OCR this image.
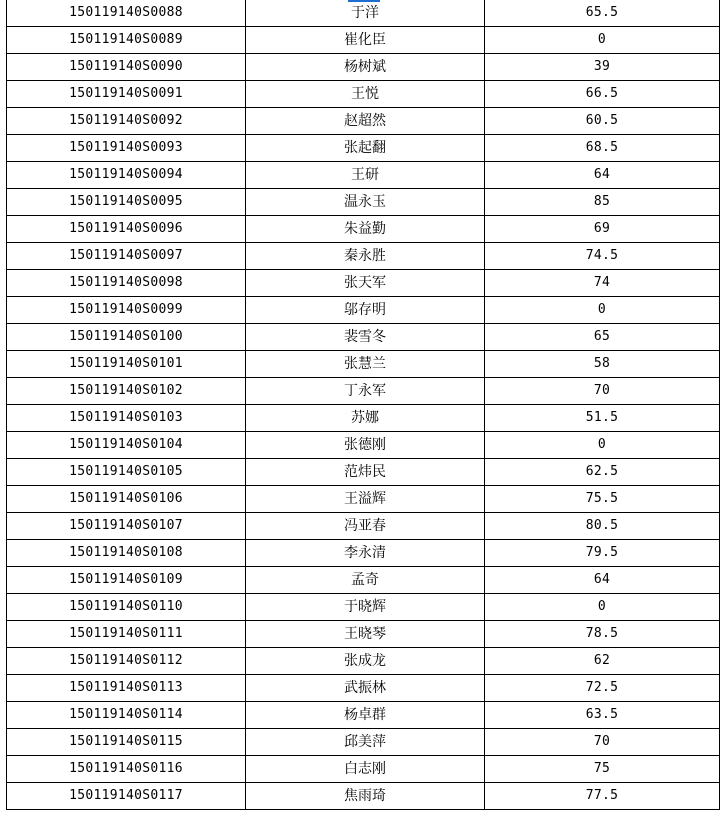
150119140S0088	于洋	65.5
150119140S0089	崔化臣	0
150119140S0090	杨树斌	39
150119140S0091	王悦	66.5
150119140S0092	赵超然	60.5
150119140S0093	张起翻	68.5
150119140S0094	王研	64
150119140S0095	温永玉	85
150119140S0096	朱益勤	69
150119140S0097	秦永胜	74.5
150119140S0098	张天军	74
150119140S0099	邬存明	0
150119140S0100	裴雪冬	65
150119140S0101	张慧兰	58
150119140S0102	丁永军	70
150119140S0103	苏娜	51.5
150119140S0104	张德刚	0
150119140S0105	范炜民	62.5
150119140S0106	王溢辉	75.5
150119140S0107	冯亚春	80.5
150119140S0108	李永清	79.5
150119140S0109	孟奇	64
150119140S0110	于晓辉	0
150119140S0111	王晓琴	78.5
150119140S0112	张成龙	62
150119140S0113	武振林	72.5
150119140S0114	杨卓群	63.5
150119140S0115	邱美萍	70
150119140S0116	白志刚	75
150119140S0117	焦雨琦	77.5
